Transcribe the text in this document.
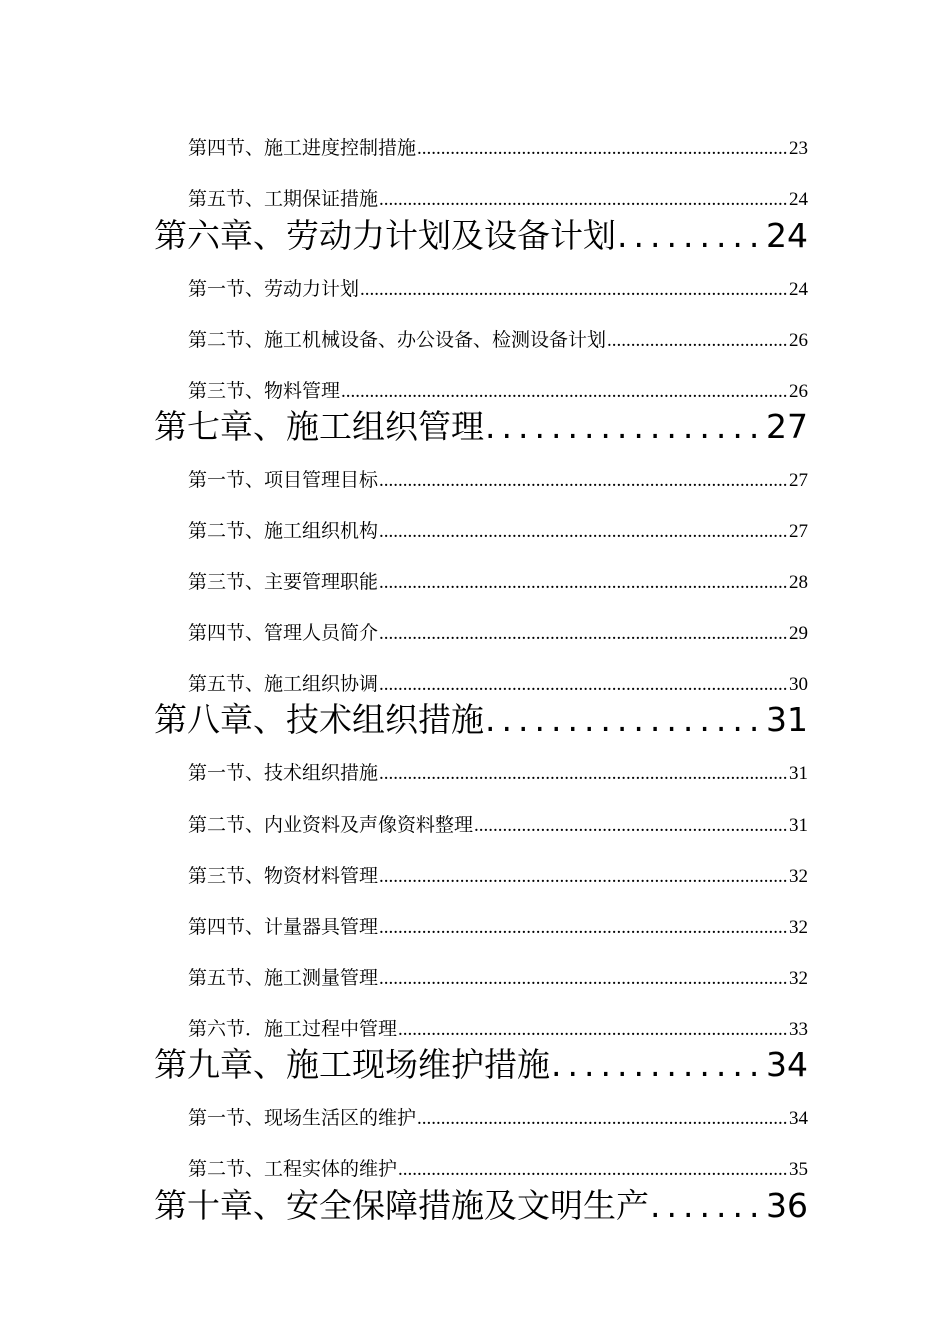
第四节、施工进度控制措施 .....	23
第五节、工期保证措施 .....	24
第六章、劳动力计划及设备计划 .....	24
第一节、劳动力计划 .....	24
第二节、施工机械设备、办公设备、检测设备计划 .....	26
第三节、物料管理 .....	26
第七章、施工组织管理 .....	27
第一节、项目管理目标 .....	27
第二节、施工组织机构 .....	27
第三节、主要管理职能 .....	28
第四节、管理人员简介 .....	29
第五节、施工组织协调 .....	30
第八章、技术组织措施 .....	31
第一节、技术组织措施 .....	31
第二节、内业资料及声像资料整理 .....	31
第三节、物资材料管理 .....	32
第四节、计量器具管理 .....	32
第五节、施工测量管理 .....	32
第六节．施工过程中管理 .....	33
第九章、施工现场维护措施 .....	34
第一节、现场生活区的维护 .....	34
第二节、工程实体的维护 .....	35
第十章、安全保障措施及文明生产 .....	36
